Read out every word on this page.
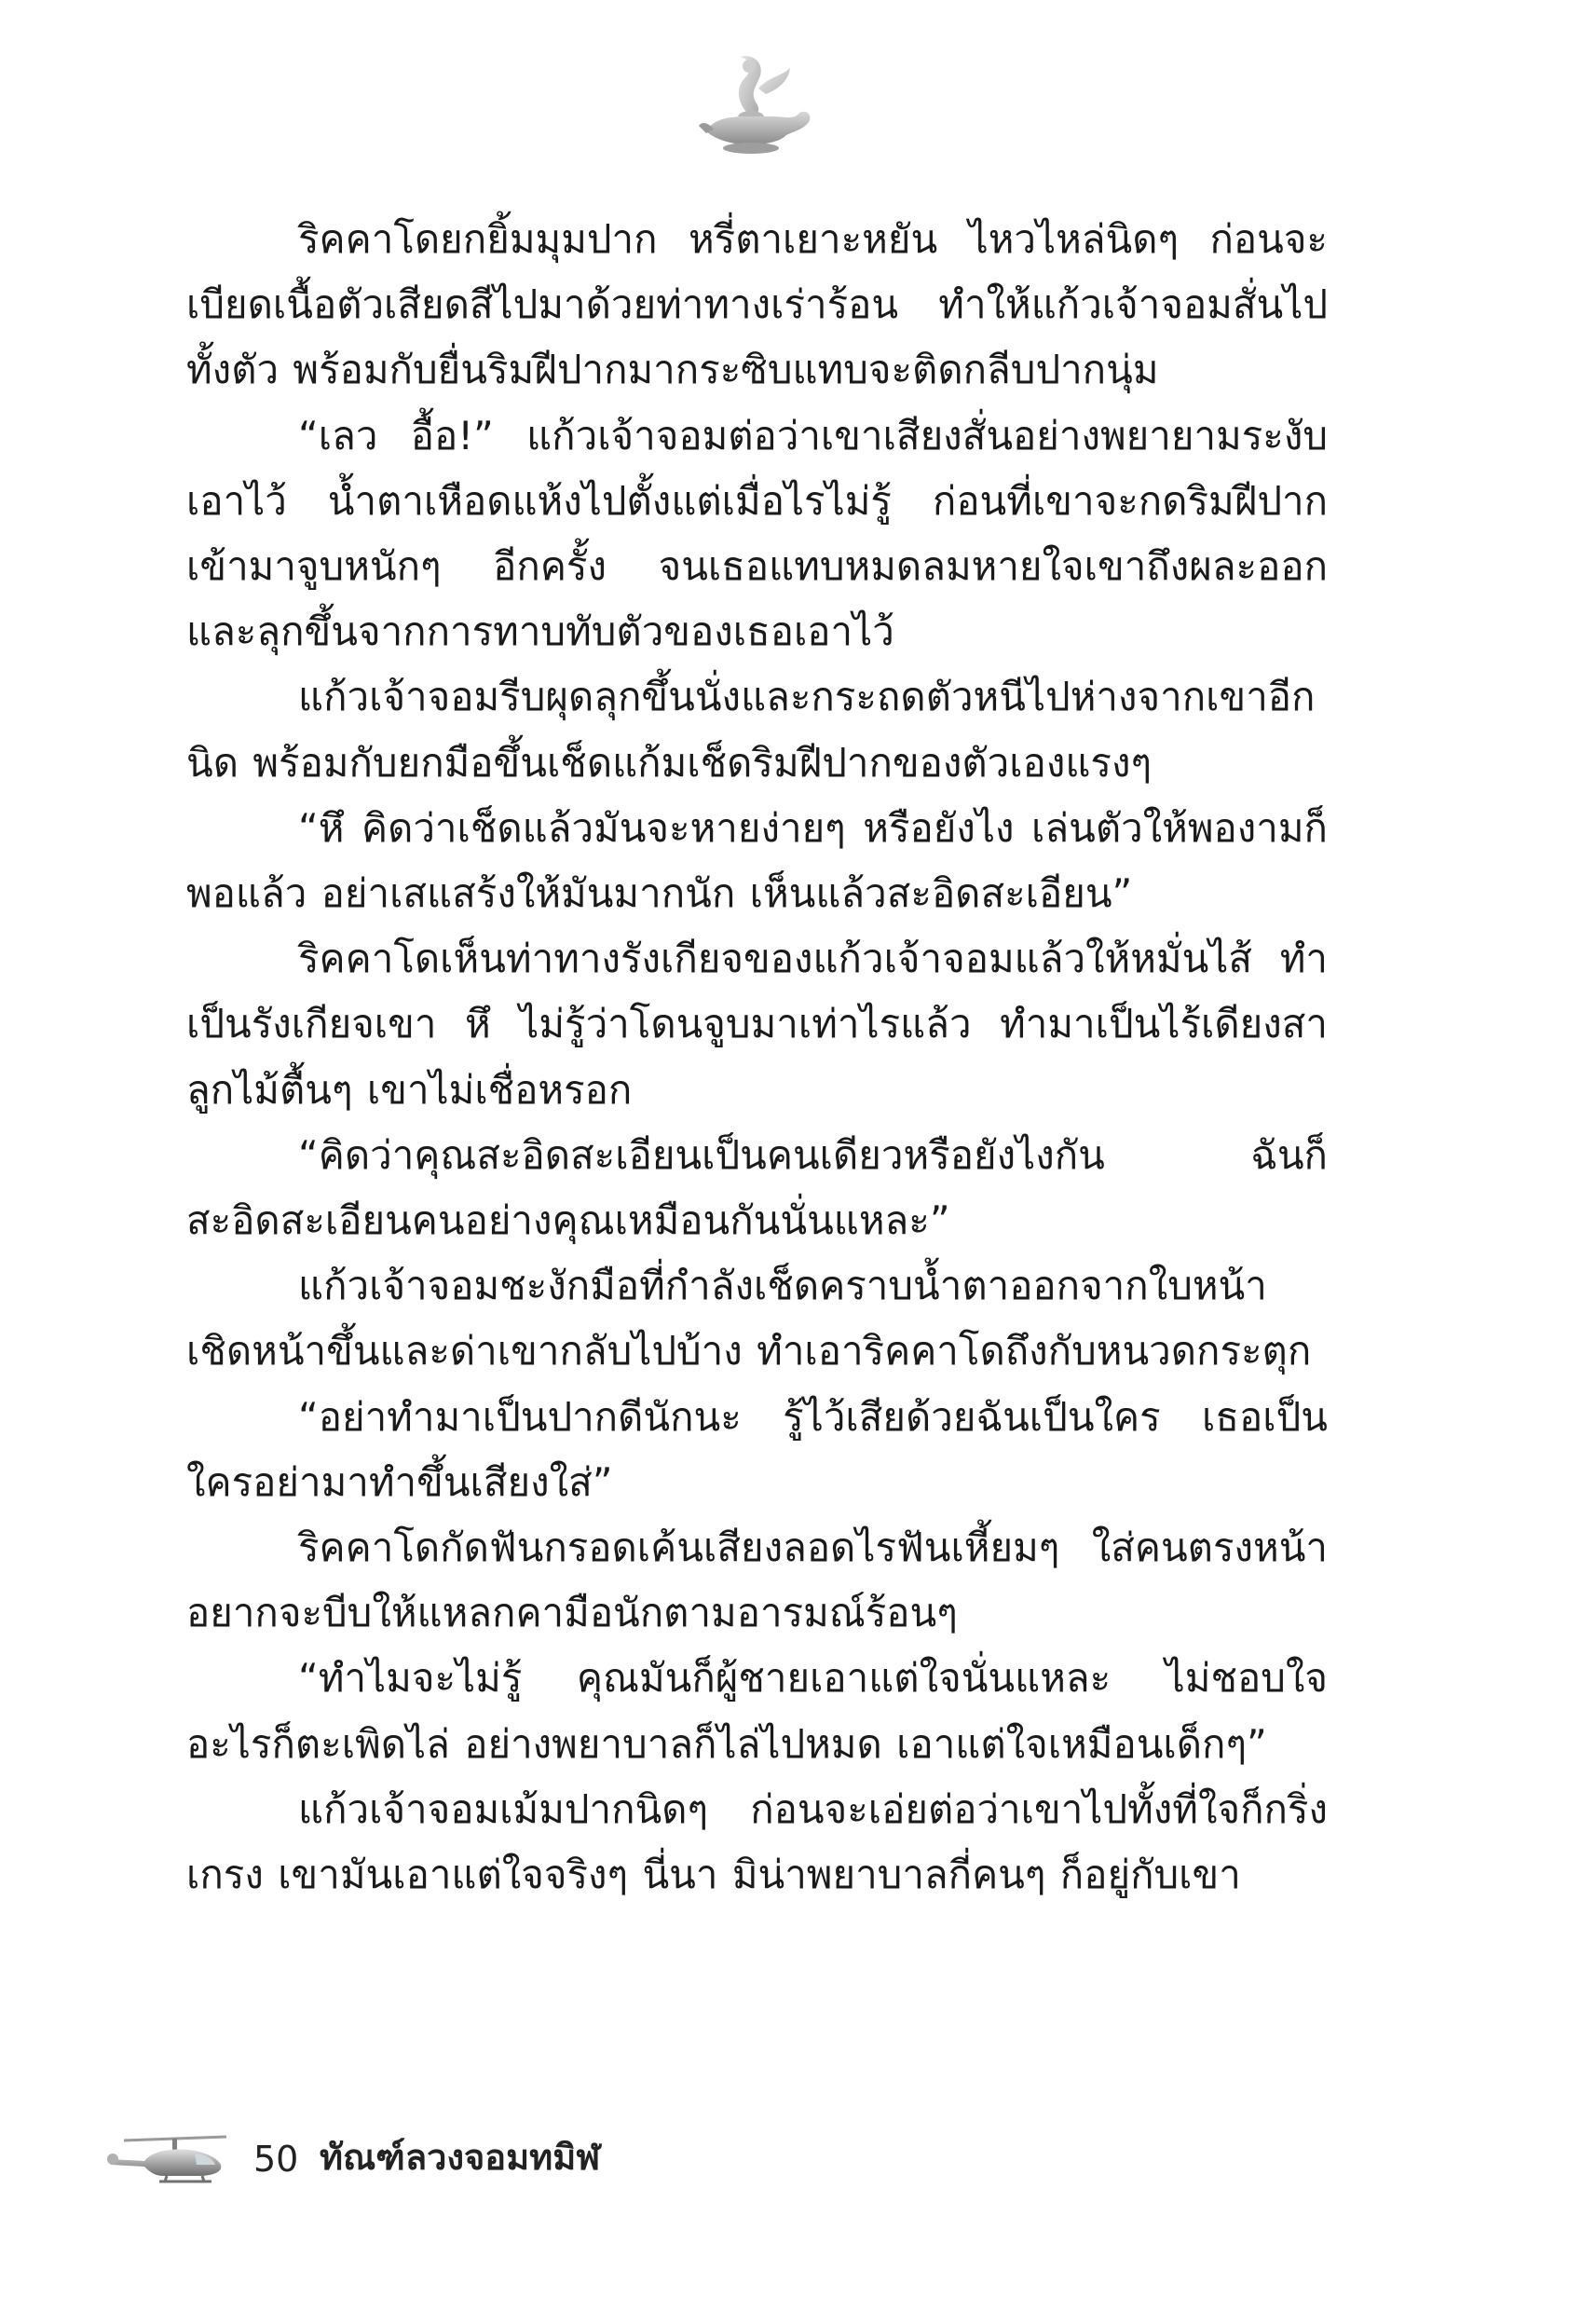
ริคคาโดยกยิ้มมุมปาก หรี่ตาเยาะหยัน ไหวไหล่นิดๆ ก่อนจะเบียดเนื้อตัวเสียดสีไปมาด้วยท่าทางเร่าร้อน ทำให้แก้วเจ้าจอมสั่นไปทั้งตัว พร้อมกับยื่นริมฝีปากมากระซิบแทบจะติดกลีบปากนุ่ม

“เลว อื้อ!” แก้วเจ้าจอมต่อว่าเขาเสียงสั่นอย่างพยายามระงับเอาไว้ น้ำตาเหือดแห้งไปตั้งแต่เมื่อไรไม่รู้ ก่อนที่เขาจะกดริมฝีปากเข้ามาจูบหนักๆ อีกครั้ง จนเธอแทบหมดลมหายใจเขาถึงผละออก และลุกขึ้นจากการทาบทับตัวของเธอเอาไว้

แก้วเจ้าจอมรีบผุดลุกขึ้นนั่งและกระถดตัวหนีไปห่างจากเขาอีกนิด พร้อมกับยกมือขึ้นเช็ดแก้มเช็ดริมฝีปากของตัวเองแรงๆ

“หึ คิดว่าเช็ดแล้วมันจะหายง่ายๆ หรือยังไง เล่นตัวให้พองามก็พอแล้ว อย่าเสแสร้งให้มันมากนัก เห็นแล้วสะอิดสะเอียน”

ริคคาโดเห็นท่าทางรังเกียจของแก้วเจ้าจอมแล้วให้หมั่นไส้ ทำเป็นรังเกียจเขา หึ ไม่รู้ว่าโดนจูบมาเท่าไรแล้ว ทำมาเป็นไร้เดียงสา ลูกไม้ตื้นๆ เขาไม่เชื่อหรอก

“คิดว่าคุณสะอิดสะเอียนเป็นคนเดียวหรือยังไงกัน ฉันก็สะอิดสะเอียนคนอย่างคุณเหมือนกันนั่นแหละ”

แก้วเจ้าจอมชะงักมือที่กำลังเช็ดคราบน้ำตาออกจากใบหน้าเชิดหน้าขึ้นและด่าเขากลับไปบ้าง ทำเอาริคคาโดถึงกับหนวดกระตุก

“อย่าทำมาเป็นปากดีนักนะ รู้ไว้เสียด้วยฉันเป็นใคร เธอเป็นใครอย่ามาทำขึ้นเสียงใส่”

ริคคาโดกัดฟันกรอดเค้นเสียงลอดไรฟันเหี้ยมๆ ใส่คนตรงหน้าอยากจะบีบให้แหลกคามือนักตามอารมณ์ร้อนๆ

“ทำไมจะไม่รู้ คุณมันก็ผู้ชายเอาแต่ใจนั่นแหละ ไม่ชอบใจอะไรก็ตะเพิดไล่ อย่างพยาบาลก็ไล่ไปหมด เอาแต่ใจเหมือนเด็กๆ”

แก้วเจ้าจอมเม้มปากนิดๆ ก่อนจะเอ่ยต่อว่าเขาไปทั้งที่ใจก็กริ่งเกรง เขามันเอาแต่ใจจริงๆ นี่นา มิน่าพยาบาลกี่คนๆ ก็อยู่กับเขา

50 ทัณฑ์ลวงจอมทมิฬ
